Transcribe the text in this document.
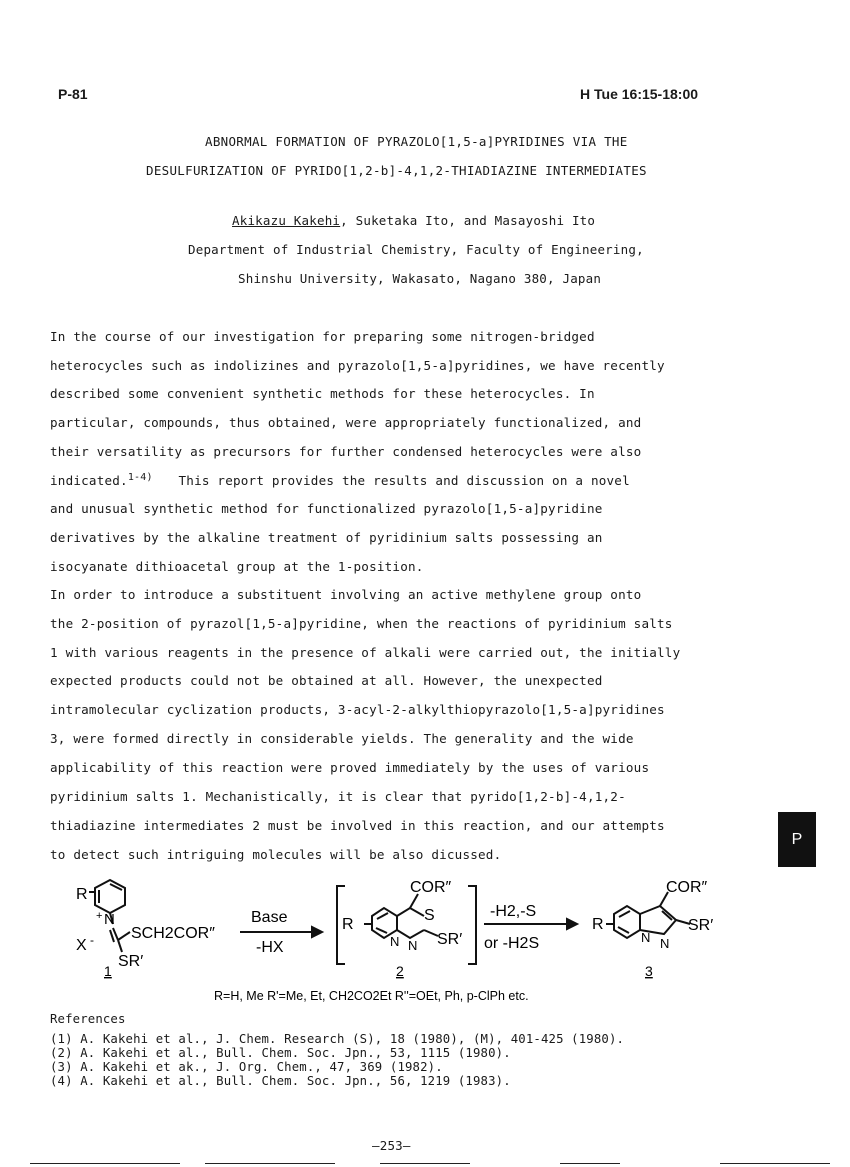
P-81	H Tue 16:15-18:00
ABNORMAL FORMATION OF PYRAZOLO[1,5-a]PYRIDINES VIA THE
DESULFURIZATION OF PYRIDO[1,2-b]-4,1,2-THIADIAZINE INTERMEDIATES
Akikazu Kakehi, Suketaka Ito, and Masayoshi Ito
Department of Industrial Chemistry, Faculty of Engineering,
Shinshu University, Wakasato, Nagano 380, Japan
In the course of our investigation for preparing some nitrogen-bridged
heterocycles such as indolizines and pyrazolo[1,5-a]pyridines, we have recently
described some convenient synthetic methods for these heterocycles. In
particular, compounds, thus obtained, were appropriately functionalized, and
their versatility as precursors for further condensed heterocycles were also
indicated.$^{1-4)}$ This report provides the results and discussion on a novel
and unusual synthetic method for functionalized pyrazolo[1,5-a]pyridine
derivatives by the alkaline treatment of pyridinium salts possessing an
isocyanate dithioacetal group at the 1-position.
In order to introduce a substituent involving an active methylene group onto
the 2-position of pyrazol[1,5-a]pyridine, when the reactions of pyridinium salts
1 with various reagents in the presence of alkali were carried out, the initially
expected products could not be obtained at all. However, the unexpected
intramolecular cyclization products, 3-acyl-2-alkylthiopyrazolo[1,5-a]pyridines
3, were formed directly in considerable yields. The generality and the wide
applicability of this reaction were proved immediately by the uses of various
pyridinium salts 1. Mechanistically, it is clear that pyrido[1,2-b]-4,1,2-
thiadiazine intermediates 2 must be involved in this reaction, and our attempts
to detect such intriguing molecules will be also dicussed.
P
R
+ N
SCH2COR″
X -
SR′
1
Base
-HX
R
COR″
S
N N SR′
2
-H2,-S
or -H2S
R
COR″
N N
SR′
3
R=H, Me R'=Me, Et, CH2CO2Et R''=OEt, Ph, p-ClPh etc.
References
(1) A. Kakehi et al., J. Chem. Research (S), 18 (1980), (M), 401-425 (1980).
(2) A. Kakehi et al., Bull. Chem. Soc. Jpn., 53, 1115 (1980).
(3) A. Kakehi et ak., J. Org. Chem., 47, 369 (1982).
(4) A. Kakehi et al., Bull. Chem. Soc. Jpn., 56, 1219 (1983).
—253—
